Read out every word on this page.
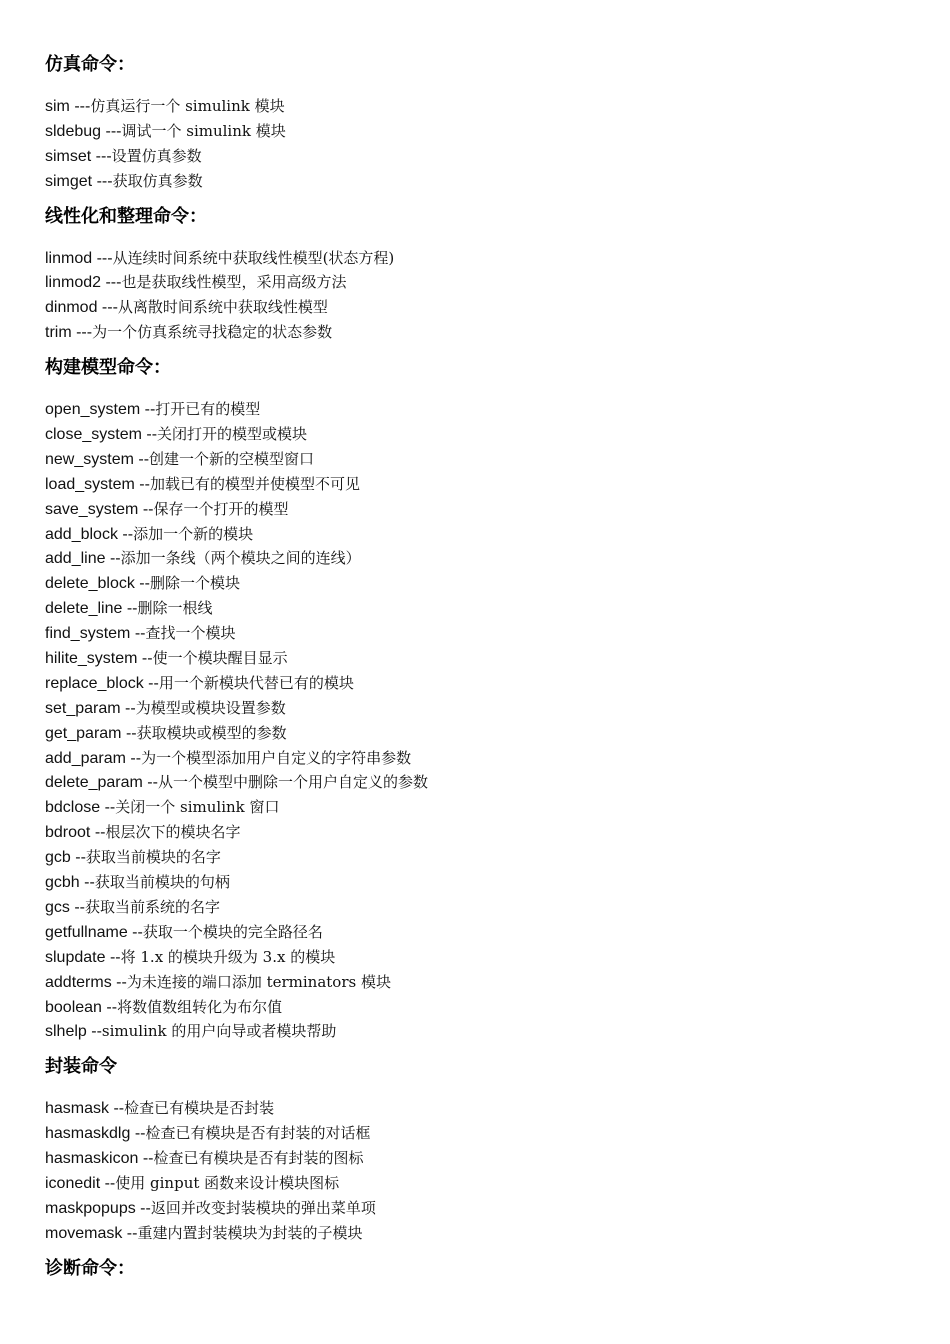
仿真命令：
sim ---仿真运行一个 simulink 模块
sldebug ---调试一个 simulink 模块
simset ---设置仿真参数
simget ---获取仿真参数
线性化和整理命令：
linmod ---从连续时间系统中获取线性模型(状态方程)
linmod2 ---也是获取线性模型，采用高级方法
dinmod ---从离散时间系统中获取线性模型
trim ---为一个仿真系统寻找稳定的状态参数
构建模型命令：
open_system --打开已有的模型
close_system --关闭打开的模型或模块
new_system --创建一个新的空模型窗口
load_system --加载已有的模型并使模型不可见
save_system --保存一个打开的模型
add_block --添加一个新的模块
add_line --添加一条线（两个模块之间的连线）
delete_block --删除一个模块
delete_line --删除一根线
find_system --查找一个模块
hilite_system --使一个模块醒目显示
replace_block --用一个新模块代替已有的模块
set_param --为模型或模块设置参数
get_param --获取模块或模型的参数
add_param --为一个模型添加用户自定义的字符串参数
delete_param --从一个模型中删除一个用户自定义的参数
bdclose --关闭一个 simulink 窗口
bdroot --根层次下的模块名字
gcb --获取当前模块的名字
gcbh --获取当前模块的句柄
gcs --获取当前系统的名字
getfullname --获取一个模块的完全路径名
slupdate --将 1.x 的模块升级为 3.x 的模块
addterms --为未连接的端口添加 terminators 模块
boolean --将数值数组转化为布尔值
slhelp --simulink 的用户向导或者模块帮助
封装命令
hasmask --检查已有模块是否封装
hasmaskdlg --检查已有模块是否有封装的对话框
hasmaskicon --检查已有模块是否有封装的图标
iconedit --使用 ginput 函数来设计模块图标
maskpopups --返回并改变封装模块的弹出菜单项
movemask --重建内置封装模块为封装的子模块
诊断命令：
